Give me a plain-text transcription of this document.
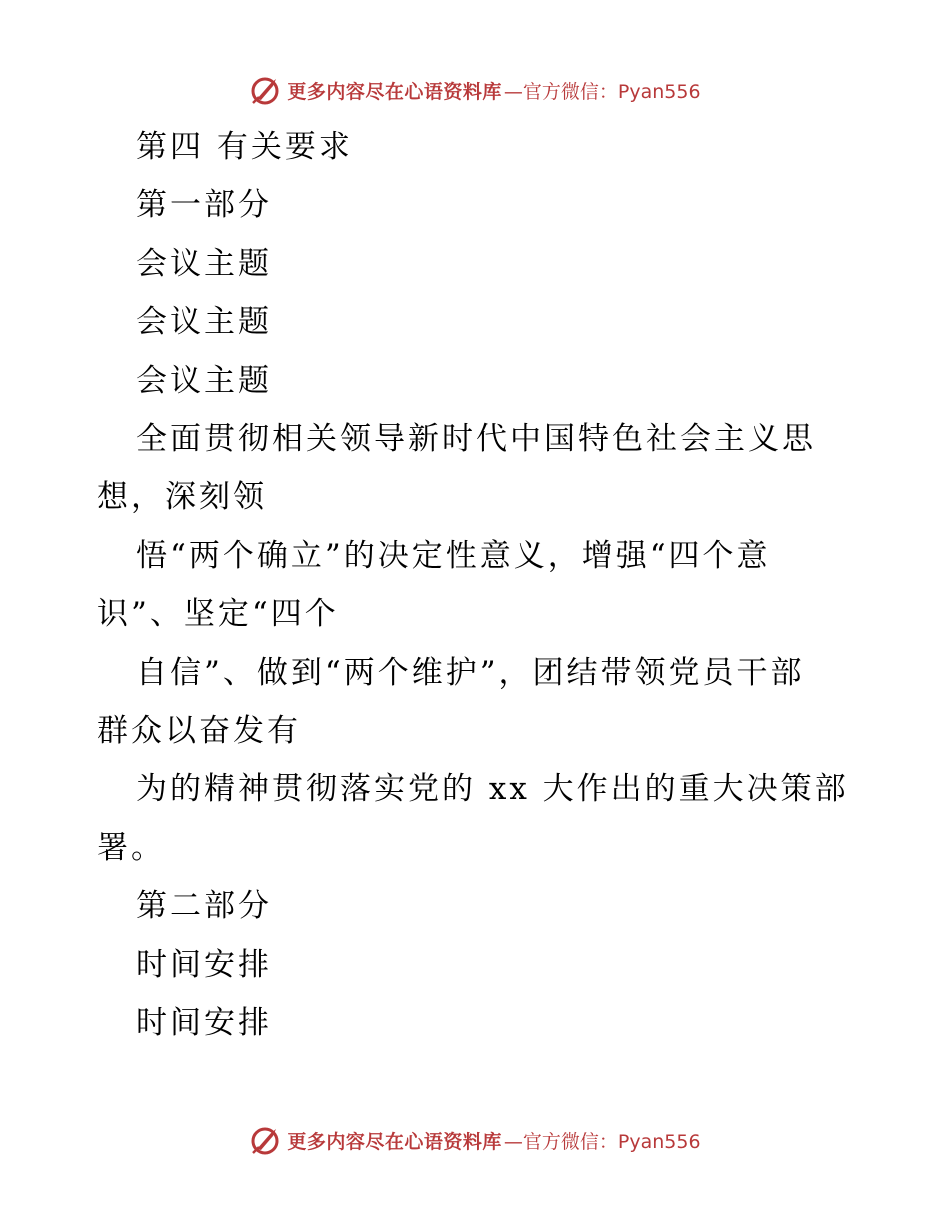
更多内容尽在心语资料库 —官方微信：Pyan556
第四 有关要求
第一部分
会议主题
会议主题
会议主题
全面贯彻相关领导新时代中国特色社会主义思
想，深刻领
悟“两个确立”的决定性意义，增强“四个意
识”、坚定“四个
自信”、做到“两个维护”，团结带领党员干部
群众以奋发有
为的精神贯彻落实党的 xx 大作出的重大决策部
署。
第二部分
时间安排
时间安排
更多内容尽在心语资料库 —官方微信：Pyan556
